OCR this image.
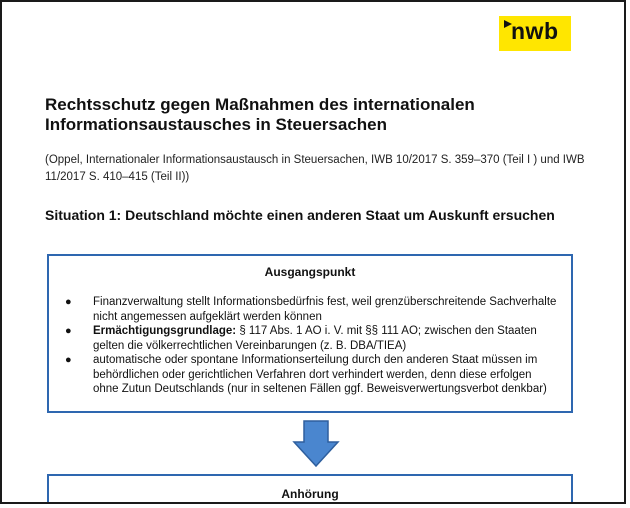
nwb
Rechtsschutz gegen Maßnahmen des internationalen Informationsaustausches in Steuersachen
(Oppel, Internationaler Informationsaustausch in Steuersachen, IWB 10/2017 S. 359–370 (Teil I ) und IWB 11/2017 S. 410–415 (Teil II))
Situation 1: Deutschland möchte einen anderen Staat um Auskunft ersuchen
Ausgangspunkt
● Finanzverwaltung stellt Informationsbedürfnis fest, weil grenzüberschreitende Sachverhalte nicht angemessen aufgeklärt werden können
● Ermächtigungsgrundlage: § 117 Abs. 1 AO i. V. mit §§ 111 AO; zwischen den Staaten gelten die völkerrechtlichen Vereinbarungen (z. B. DBA/TIEA)
● automatische oder spontane Informationserteilung durch den anderen Staat müssen im behördlichen oder gerichtlichen Verfahren dort verhindert werden, denn diese erfolgen ohne Zutun Deutschlands (nur in seltenen Fällen ggf. Beweisverwertungsverbot denkbar)
Anhörung
